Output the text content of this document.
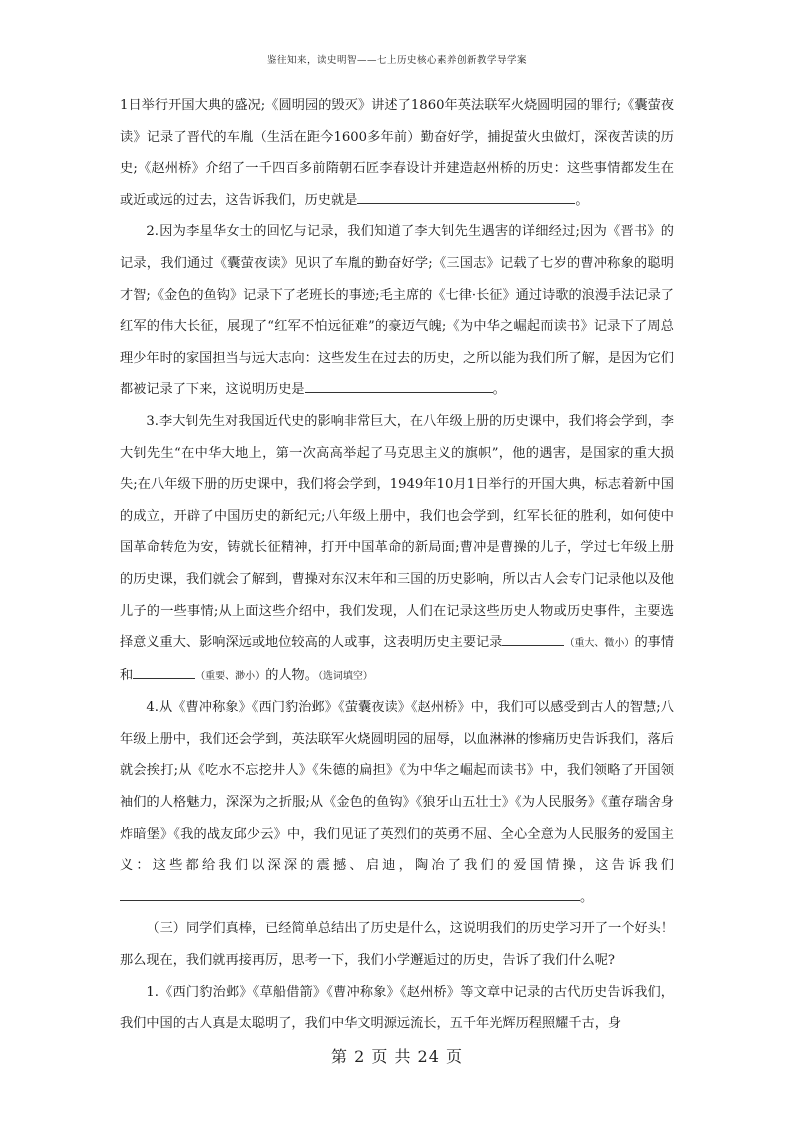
鉴往知来，读史明智——七上历史核心素养创新教学导学案

1日举行开国大典的盛况;《圆明园的毁灭》讲述了1860年英法联军火烧圆明园的罪行;《囊萤夜读》记录了晋代的车胤（生活在距今1600多年前）勤奋好学，捕捉萤火虫做灯，深夜苦读的历史;《赵州桥》介绍了一千四百多前隋朝石匠李春设计并建造赵州桥的历史：这些事情都发生在或近或远的过去，这告诉我们，历史就是	。

2.因为李星华女士的回忆与记录，我们知道了李大钊先生遇害的详细经过;因为《晋书》的记录，我们通过《囊萤夜读》见识了车胤的勤奋好学;《三国志》记载了七岁的曹冲称象的聪明才智;《金色的鱼钩》记录下了老班长的事迹;毛主席的《七律·长征》通过诗歌的浪漫手法记录了红军的伟大长征，展现了“红军不怕远征难”的豪迈气魄;《为中华之崛起而读书》记录下了周总理少年时的家国担当与远大志向：这些发生在过去的历史，之所以能为我们所了解，是因为它们都被记录了下来，这说明历史是	。

3.李大钊先生对我国近代史的影响非常巨大，在八年级上册的历史课中，我们将会学到，李大钊先生“在中华大地上，第一次高高举起了马克思主义的旗帜”，他的遇害，是国家的重大损失;在八年级下册的历史课中，我们将会学到，1949年10月1日举行的开国大典，标志着新中国的成立，开辟了中国历史的新纪元;八年级上册中，我们也会学到，红军长征的胜利，如何使中国革命转危为安，铸就长征精神，打开中国革命的新局面;曹冲是曹操的儿子，学过七年级上册的历史课，我们就会了解到，曹操对东汉末年和三国的历史影响，所以古人会专门记录他以及他儿子的一些事情;从上面这些介绍中，我们发现，人们在记录这些历史人物或历史事件，主要选择意义重大、影响深远或地位较高的人或事，这表明历史主要记录	（重大、微小）的事情和	（重要、渺小）的人物。（选词填空）

4.从《曹冲称象》《西门豹治邺》《萤囊夜读》《赵州桥》中，我们可以感受到古人的智慧;八年级上册中，我们还会学到，英法联军火烧圆明园的屈辱，以血淋淋的惨痛历史告诉我们，落后就会挨打;从《吃水不忘挖井人》《朱德的扁担》《为中华之崛起而读书》中，我们领略了开国领袖们的人格魅力，深深为之折服;从《金色的鱼钩》《狼牙山五壮士》《为人民服务》《董存瑞舍身炸暗堡》《我的战友邱少云》中，我们见证了英烈们的英勇不屈、全心全意为人民服务的爱国主义：这些都给我们以深深的震撼、启迪，陶冶了我们的爱国情操，这告诉我们。

（三）同学们真棒，已经简单总结出了历史是什么，这说明我们的历史学习开了一个好头！那么现在，我们就再接再厉，思考一下，我们小学邂逅过的历史，告诉了我们什么呢?

1.《西门豹治邺》《草船借箭》《曹冲称象》《赵州桥》等文章中记录的古代历史告诉我们，我们中国的古人真是太聪明了，我们中华文明源远流长，五千年光辉历程照耀千古，身

第 2 页 共 24 页
